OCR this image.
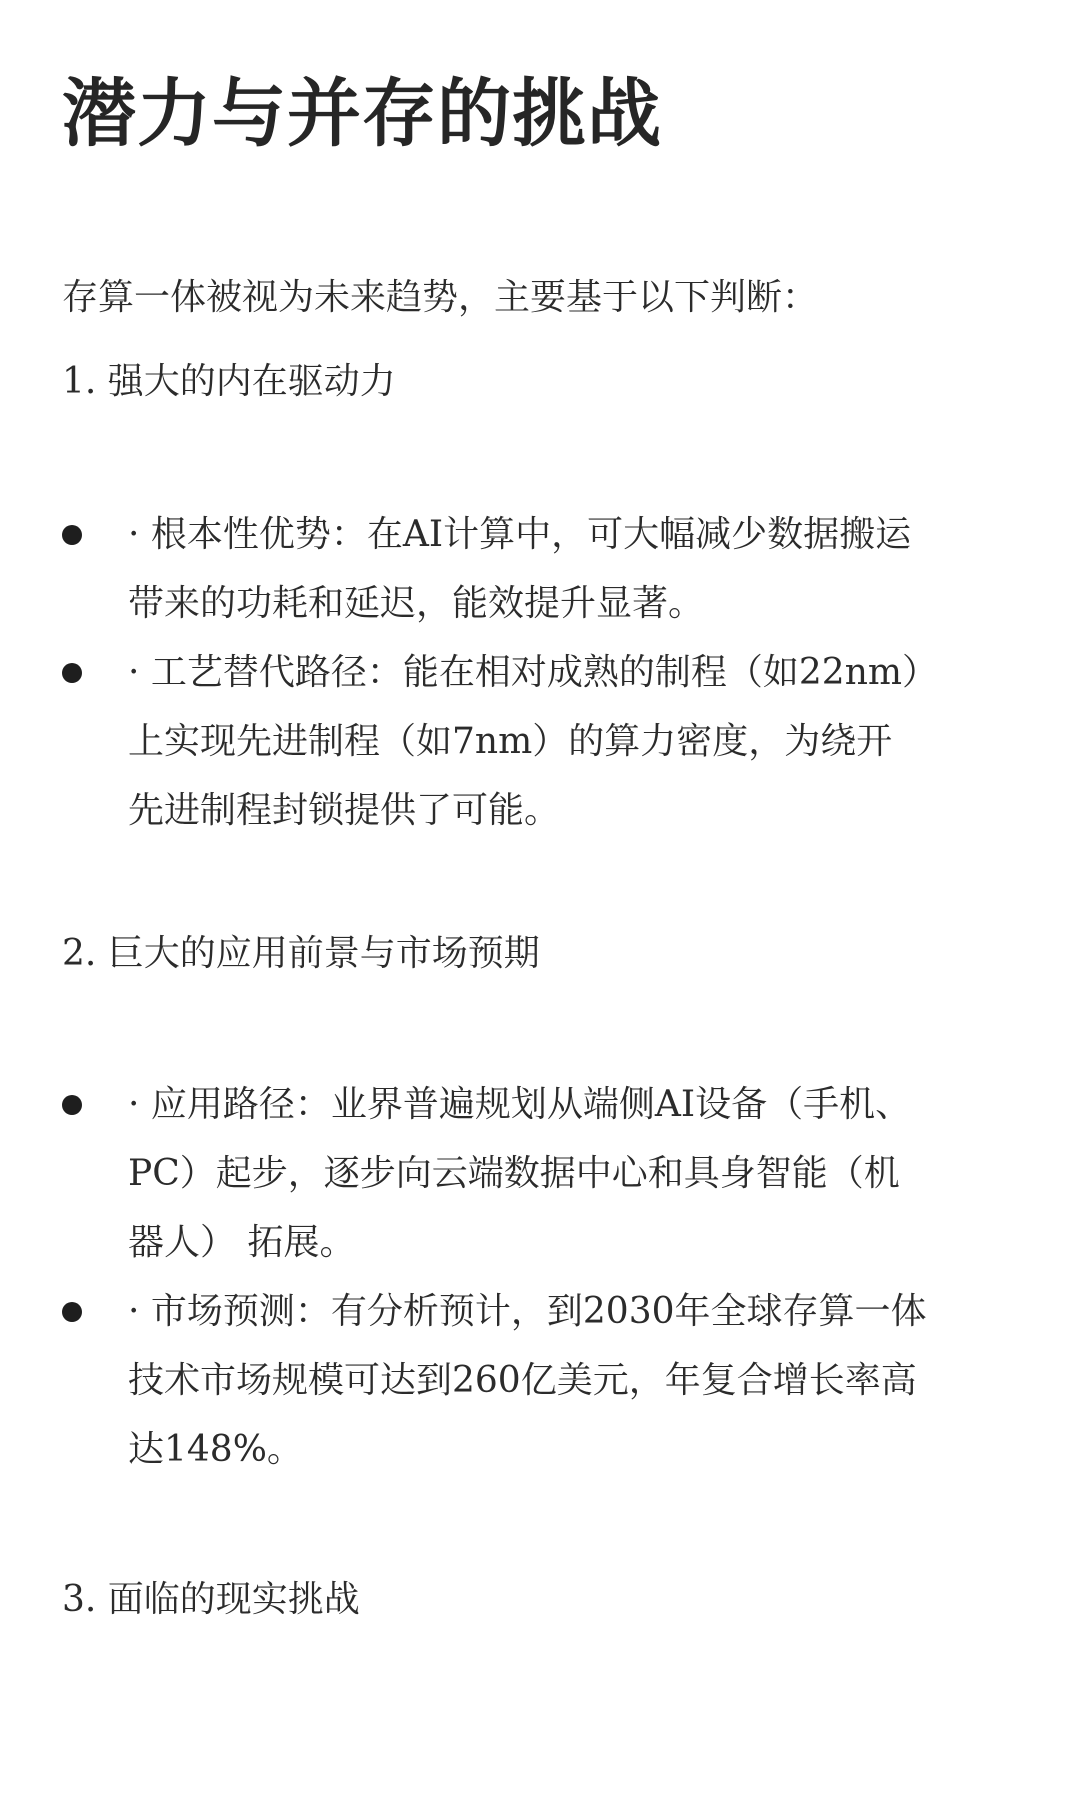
潜力与并存的挑战

存算一体被视为未来趋势，主要基于以下判断：

1. 强大的内在驱动力

· 根本性优势：在AI计算中，可大幅减少数据搬运
带来的功耗和延迟，能效提升显著。
· 工艺替代路径：能在相对成熟的制程（如22nm）
上实现先进制程（如7nm）的算力密度，为绕开
先进制程封锁提供了可能。

2. 巨大的应用前景与市场预期

· 应用路径：业界普遍规划从端侧AI设备（手机、
PC）起步，逐步向云端数据中心和具身智能（机
器人） 拓展。
· 市场预测：有分析预计，到2030年全球存算一体
技术市场规模可达到260亿美元，年复合增长率高
达148%。

3. 面临的现实挑战
